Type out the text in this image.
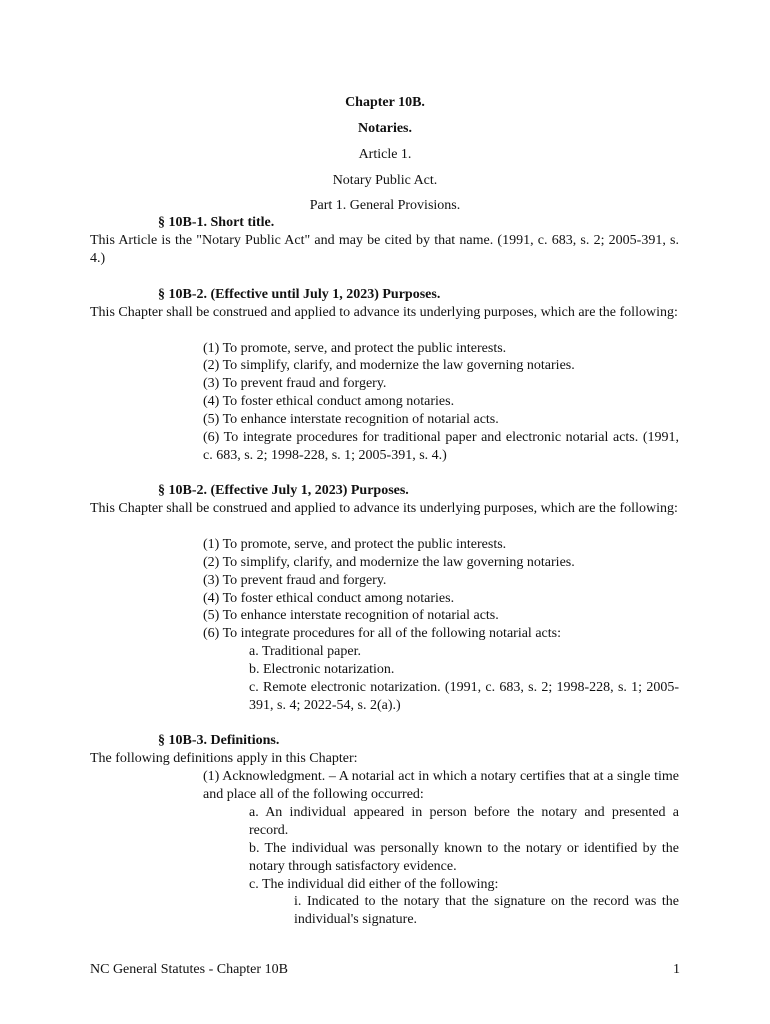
Chapter 10B.
Notaries.
Article 1.
Notary Public Act.
Part 1. General Provisions.
§ 10B-1. Short title.
This Article is the "Notary Public Act" and may be cited by that name. (1991, c. 683, s. 2; 2005-391, s. 4.)
§ 10B-2. (Effective until July 1, 2023) Purposes.
This Chapter shall be construed and applied to advance its underlying purposes, which are the following:
(1) To promote, serve, and protect the public interests.
(2) To simplify, clarify, and modernize the law governing notaries.
(3) To prevent fraud and forgery.
(4) To foster ethical conduct among notaries.
(5) To enhance interstate recognition of notarial acts.
(6) To integrate procedures for traditional paper and electronic notarial acts. (1991, c. 683, s. 2; 1998-228, s. 1; 2005-391, s. 4.)
§ 10B-2. (Effective July 1, 2023) Purposes.
This Chapter shall be construed and applied to advance its underlying purposes, which are the following:
(1) To promote, serve, and protect the public interests.
(2) To simplify, clarify, and modernize the law governing notaries.
(3) To prevent fraud and forgery.
(4) To foster ethical conduct among notaries.
(5) To enhance interstate recognition of notarial acts.
(6) To integrate procedures for all of the following notarial acts:
a. Traditional paper.
b. Electronic notarization.
c. Remote electronic notarization. (1991, c. 683, s. 2; 1998-228, s. 1; 2005-391, s. 4; 2022-54, s. 2(a).)
§ 10B-3. Definitions.
The following definitions apply in this Chapter:
(1) Acknowledgment. – A notarial act in which a notary certifies that at a single time and place all of the following occurred:
a. An individual appeared in person before the notary and presented a record.
b. The individual was personally known to the notary or identified by the notary through satisfactory evidence.
c. The individual did either of the following:
i. Indicated to the notary that the signature on the record was the individual's signature.
NC General Statutes - Chapter 10B	1
